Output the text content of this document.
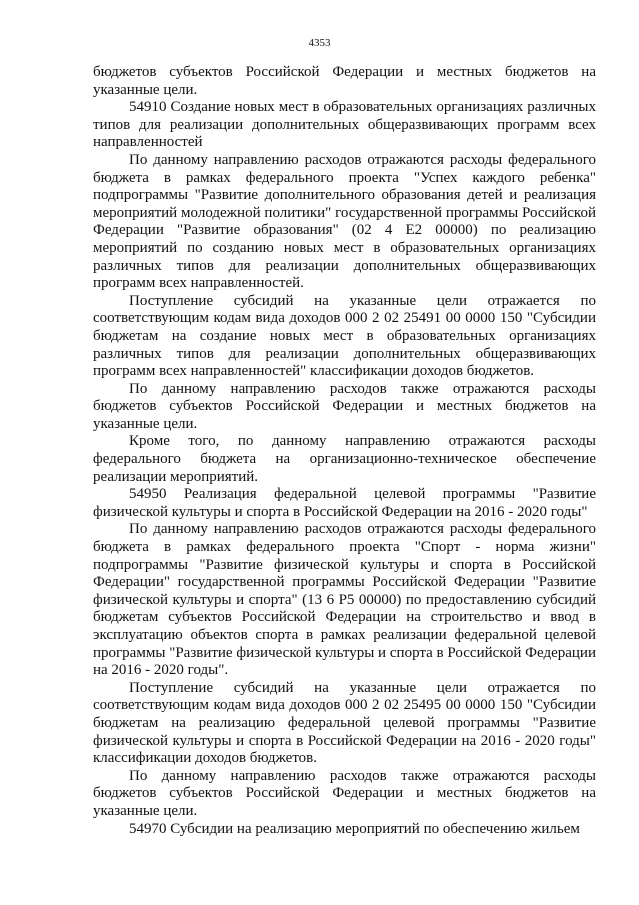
4353

бюджетов субъектов Российской Федерации и местных бюджетов на указанные цели.

54910 Создание новых мест в образовательных организациях различных типов для реализации дополнительных общеразвивающих программ всех направленностей

По данному направлению расходов отражаются расходы федерального бюджета в рамках федерального проекта "Успех каждого ребенка" подпрограммы "Развитие дополнительного образования детей и реализация мероприятий молодежной политики" государственной программы Российской Федерации "Развитие образования" (02 4 E2 00000) по реализацию мероприятий по созданию новых мест в образовательных организациях различных типов для реализации дополнительных общеразвивающих программ всех направленностей.

Поступление субсидий на указанные цели отражается по соответствующим кодам вида доходов 000 2 02 25491 00 0000 150 "Субсидии бюджетам на создание новых мест в образовательных организациях различных типов для реализации дополнительных общеразвивающих программ всех направленностей" классификации доходов бюджетов.

По данному направлению расходов также отражаются расходы бюджетов субъектов Российской Федерации и местных бюджетов на указанные цели.

Кроме того, по данному направлению отражаются расходы федерального бюджета на организационно-техническое обеспечение реализации мероприятий.

54950 Реализация федеральной целевой программы "Развитие физической культуры и спорта в Российской Федерации на 2016 - 2020 годы"

По данному направлению расходов отражаются расходы федерального бюджета в рамках федерального проекта "Спорт - норма жизни" подпрограммы "Развитие физической культуры и спорта в Российской Федерации" государственной программы Российской Федерации "Развитие физической культуры и спорта" (13 6 P5 00000) по предоставлению субсидий бюджетам субъектов Российской Федерации на строительство и ввод в эксплуатацию объектов спорта в рамках реализации федеральной целевой программы "Развитие физической культуры и спорта в Российской Федерации на 2016 - 2020 годы".

Поступление субсидий на указанные цели отражается по соответствующим кодам вида доходов 000 2 02 25495 00 0000 150 "Субсидии бюджетам на реализацию федеральной целевой программы "Развитие физической культуры и спорта в Российской Федерации на 2016 - 2020 годы" классификации доходов бюджетов.

По данному направлению расходов также отражаются расходы бюджетов субъектов Российской Федерации и местных бюджетов на указанные цели.

54970 Субсидии на реализацию мероприятий по обеспечению жильем
